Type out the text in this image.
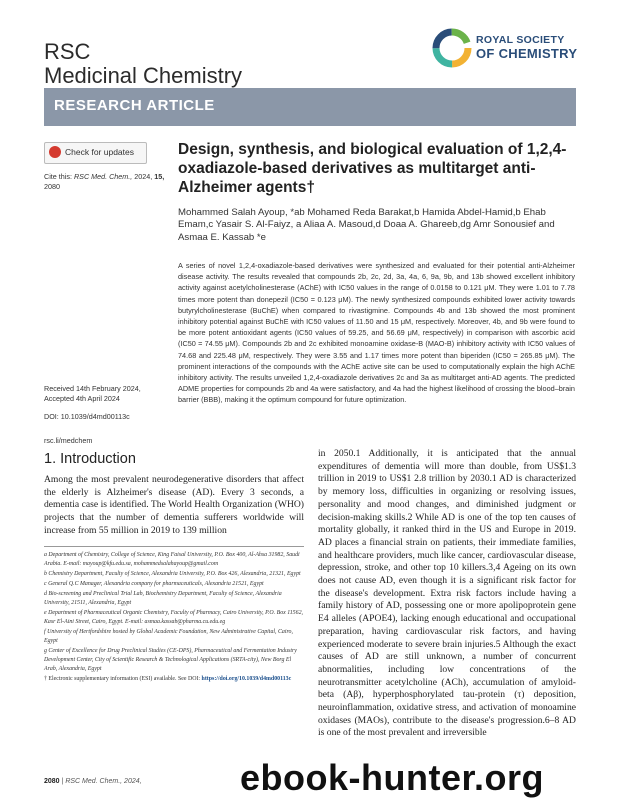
RSC
Medicinal Chemistry
ROYAL SOCIETY
OF CHEMISTRY
RESEARCH ARTICLE
Check for updates
Cite this: RSC Med. Chem., 2024, 15,
2080
Received 14th February 2024,
Accepted 4th April 2024
DOI: 10.1039/d4md00113c
rsc.li/medchem
Design, synthesis, and biological evaluation of 1,2,4-oxadiazole-based derivatives as multitarget anti-Alzheimer agents†
Mohammed Salah Ayoup, *ab Mohamed Reda Barakat,b Hamida Abdel-Hamid,b Ehab Emam,c Yasair S. Al-Faiyz, a Aliaa A. Masoud,d Doaa A. Ghareeb,dg Amr Sonousief and Asmaa E. Kassab *e
A series of novel 1,2,4-oxadiazole-based derivatives were synthesized and evaluated for their potential anti-Alzheimer disease activity. The results revealed that compounds 2b, 2c, 2d, 3a, 4a, 6, 9a, 9b, and 13b showed excellent inhibitory activity against acetylcholinesterase (AChE) with IC50 values in the range of 0.0158 to 0.121 μM. They were 1.01 to 7.78 times more potent than donepezil (IC50 = 0.123 μM). The newly synthesized compounds exhibited lower activity towards butyrylcholinesterase (BuChE) when compared to rivastigmine. Compounds 4b and 13b showed the most prominent inhibitory potential against BuChE with IC50 values of 11.50 and 15 μM, respectively. Moreover, 4b, and 9b were found to be more potent antioxidant agents (IC50 values of 59.25, and 56.69 μM, respectively) in comparison with ascorbic acid (IC50 = 74.55 μM). Compounds 2b and 2c exhibited monoamine oxidase-B (MAO-B) inhibitory activity with IC50 values of 74.68 and 225.48 μM, respectively. They were 3.55 and 1.17 times more potent than biperiden (IC50 = 265.85 μM). The prominent interactions of the compounds with the AChE active site can be used to computationally explain the high AChE inhibitory activity. The results unveiled 1,2,4-oxadiazole derivatives 2c and 3a as multitarget anti-AD agents. The predicted ADME properties for compounds 2b and 4a were satisfactory, and 4a had the highest likelihood of crossing the blood–brain barrier (BBB), making it the optimum compound for future optimization.
1. Introduction
Among the most prevalent neurodegenerative disorders that affect the elderly is Alzheimer's disease (AD). Every 3 seconds, a dementia case is identified. The World Health Organization (WHO) projects that the number of dementia sufferers worldwide will increase from 55 million in 2019 to 139 million
in 2050.1 Additionally, it is anticipated that the annual expenditures of dementia will more than double, from US$1.3 trillion in 2019 to US$1 2.8 trillion by 2030.1 AD is characterized by memory loss, difficulties in organizing or resolving issues, personality and mood changes, and diminished judgment or decision-making skills.2 While AD is one of the top ten causes of mortality globally, it ranked third in the US and Europe in 2019. AD places a financial strain on patients, their immediate families, and healthcare providers, much like cancer, cardiovascular disease, depression, stroke, and other top 10 killers.3,4 Ageing on its own does not cause AD, even though it is a significant risk factor for the disease's development. Extra risk factors include having a family history of AD, possessing one or more apolipoprotein gene E4 alleles (APOE4), lacking enough educational and occupational preparation, having cardiovascular risk factors, and having experienced moderate to severe brain injuries.5 Although the exact causes of AD are still unknown, a number of concurrent abnormalities, including low concentrations of the neurotransmitter acetylcholine (ACh), accumulation of amyloid-beta (Aβ), hyperphosphorylated tau-protein (τ) deposition, neuroinflammation, oxidative stress, and activation of monoamine oxidases (MAOs), contribute to the disease's progression.6–8 AD is one of the most prevalent and irreversible

a Department of Chemistry, College of Science, King Faisal University, P.O. Box 400, Al-Ahsa 31982, Saudi Arabia. E-mail: mayoup@kfu.edu.sa, mohammedsalahayoup@gmail.com

b Chemistry Department, Faculty of Science, Alexandria University, P.O. Box 426, Alexandria, 21321, Egypt

c General Q.C Manager, Alexandria company for pharmaceuticals, Alexandria 21521, Egypt

d Bio-screening and Preclinical Trial Lab, Biochemistry Department, Faculty of Science, Alexandria University, 21511, Alexandria, Egypt

e Department of Pharmaceutical Organic Chemistry, Faculty of Pharmacy, Cairo University, P.O. Box 11562, Kasr El-Aini Street, Cairo, Egypt. E-mail: asmaa.kassab@pharma.cu.edu.eg

f University of Hertfordshire hosted by Global Academic Foundation, New Administrative Capital, Cairo, Egypt

g Center of Excellence for Drug Preclinical Studies (CE-DPS), Pharmaceutical and Fermentation Industry Development Center, City of Scientific Research & Technological Applications (SRTA-city), New Borg El Arab, Alexandria, Egypt

† Electronic supplementary information (ESI) available. See DOI: https://doi.org/10.1039/d4md00113c

2080 | RSC Med. Chem., 2024,	ebook-hunter.org
